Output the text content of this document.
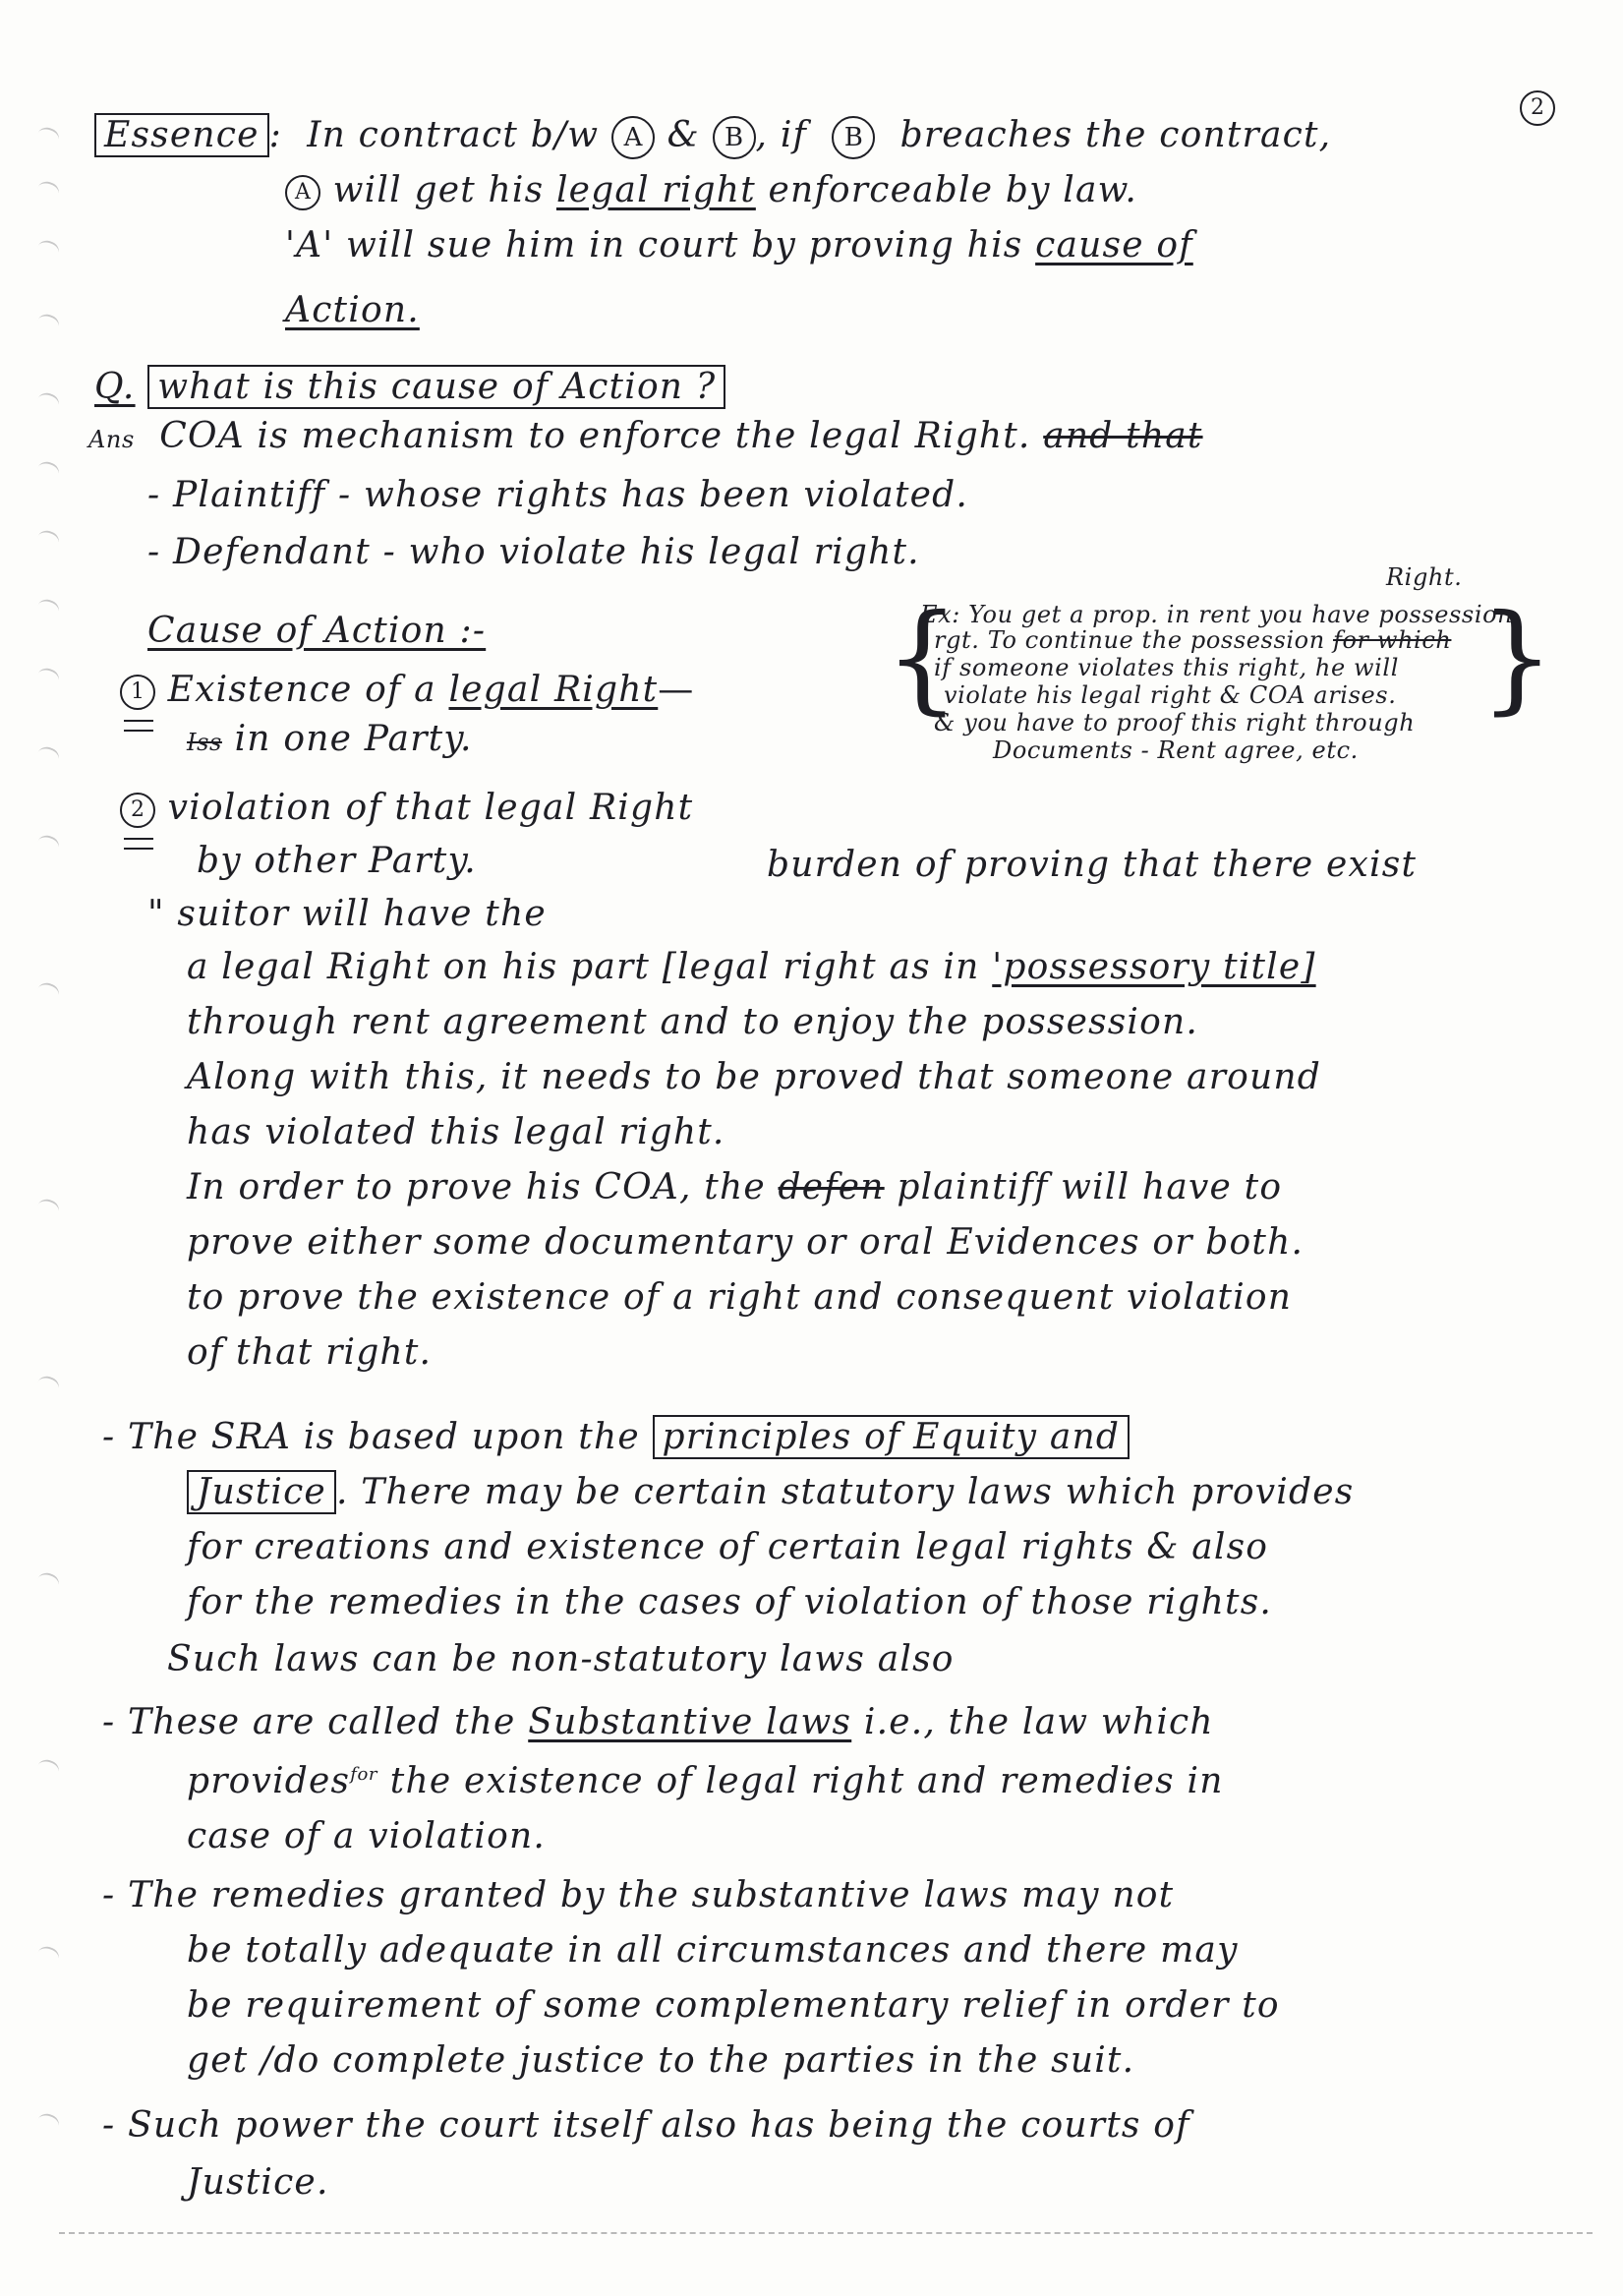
2
Essence : In contract b/w A & B , if B breaches the contract,
A will get his legal right enforceable by law.
'A' will sue him in court by proving his cause of
Action.
Q. what is this cause of Action ?
Ans COA is mechanism to enforce the legal Right. and that
- Plaintiff - whose rights has been violated.
- Defendant - who violate his legal right.
Cause of Action :-
1 Existence of a legal Right—
Iss in one Party.
2 violation of that legal Right
by other Party.
{	}
Right.
Ex: You get a prop. in rent you have possession
rgt. To continue the possession for which
if someone violates this right, he will
violate his legal right & COA arises.
& you have to proof this right through
Documents - Rent agree, etc.
burden of proving that there exist
" suitor will have the
a legal Right on his part [legal right as in 'possessory title]
through rent agreement and to enjoy the possession.
Along with this, it needs to be proved that someone around
has violated this legal right.
In order to prove his COA, the defen plaintiff will have to
prove either some documentary or oral Evidences or both.
to prove the existence of a right and consequent violation
of that right.
- The SRA is based upon the principles of Equity and
Justice . There may be certain statutory laws which provides
for creations and existence of certain legal rights & also
for the remedies in the cases of violation of those rights.
Such laws can be non-statutory laws also
- These are called the Substantive laws i.e., the law which
provides$^{for}$ the existence of legal right and remedies in
case of a violation.
- The remedies granted by the substantive laws may not
be totally adequate in all circumstances and there may
be requirement of some complementary relief in order to
get /do complete justice to the parties in the suit.
- Such power the court itself also has being the courts of
Justice.
